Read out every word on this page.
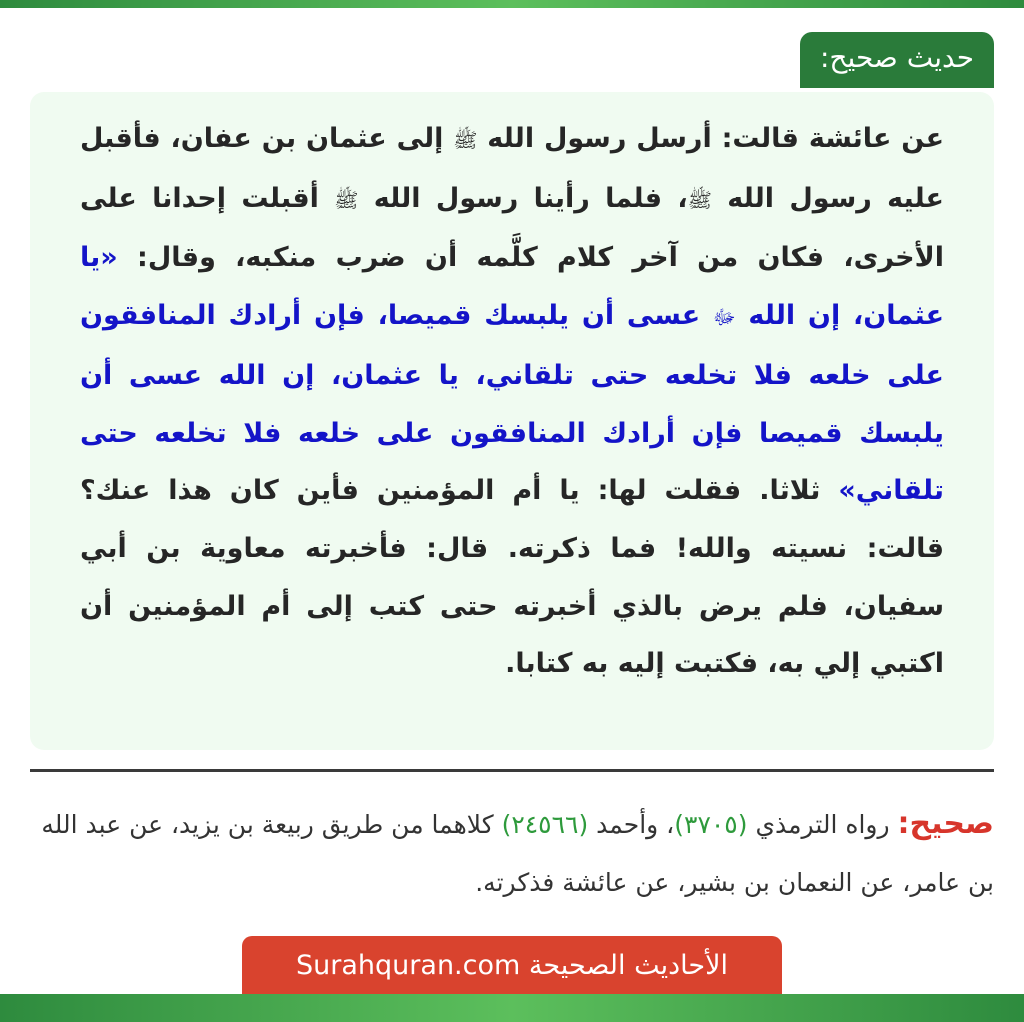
حديث صحيح:

عن عائشة قالت: أرسل رسول الله ﷺ إلى عثمان بن عفان، فأقبل عليه رسول الله ﷺ، فلما رأينا رسول الله ﷺ أقبلت إحدانا على الأخرى، فكان من آخر كلام كلَّمه أن ضرب منكبه، وقال: «يا عثمان، إن الله ﷻ عسى أن يلبسك قميصا، فإن أرادك المنافقون على خلعه فلا تخلعه حتى تلقاني، يا عثمان، إن الله عسى أن يلبسك قميصا فإن أرادك المنافقون على خلعه فلا تخلعه حتى تلقاني» ثلاثا. فقلت لها: يا أم المؤمنين فأين كان هذا عنك؟ قالت: نسيته والله! فما ذكرته. قال: فأخبرته معاوية بن أبي سفيان، فلم يرض بالذي أخبرته حتى كتب إلى أم المؤمنين أن اكتبي إلي به، فكتبت إليه به كتابا.

صحيح: رواه الترمذي (٣٧٠٥)، وأحمد (٢٤٥٦٦) كلاهما من طريق ربيعة بن يزيد، عن عبد الله بن عامر، عن النعمان بن بشير، عن عائشة فذكرته.

الأحاديث الصحيحة Surahquran.com
